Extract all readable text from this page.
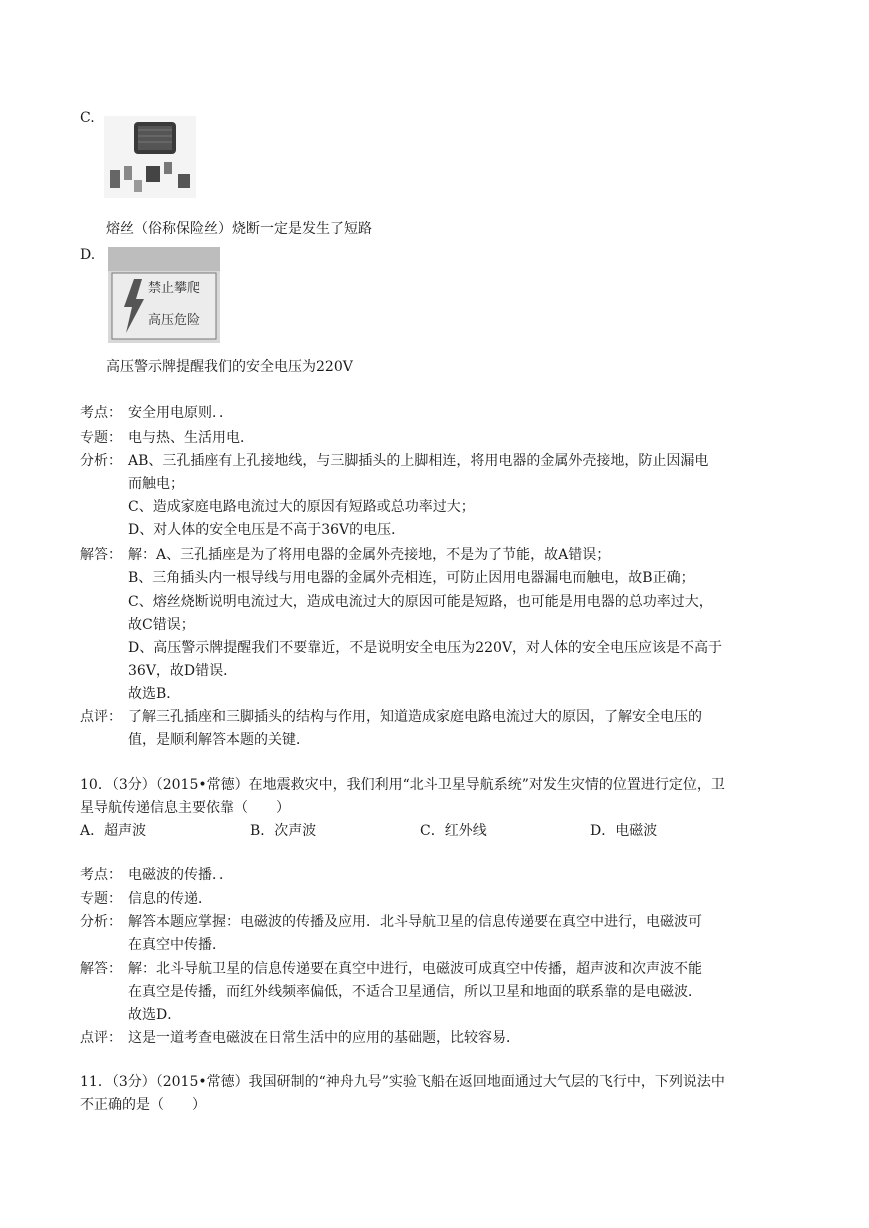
C.
熔丝（俗称保险丝）烧断一定是发生了短路
D.
禁止攀爬
高压危险
高压警示牌提醒我们的安全电压为220V
考点： 安全用电原则．．
专题： 电与热、生活用电．
分析： AB、三孔插座有上孔接地线，与三脚插头的上脚相连，将用电器的金属外壳接地，防止因漏电
而触电；
C、造成家庭电路电流过大的原因有短路或总功率过大；
D、对人体的安全电压是不高于36V的电压．
解答： 解：A、三孔插座是为了将用电器的金属外壳接地，不是为了节能，故A错误；
B、三角插头内一根导线与用电器的金属外壳相连，可防止因用电器漏电而触电，故B正确；
C、熔丝烧断说明电流过大，造成电流过大的原因可能是短路，也可能是用电器的总功率过大，
故C错误；
D、高压警示牌提醒我们不要靠近，不是说明安全电压为220V，对人体的安全电压应该是不高于
36V，故D错误．
故选B．
点评： 了解三孔插座和三脚插头的结构与作用，知道造成家庭电路电流过大的原因，了解安全电压的
值，是顺利解答本题的关键．
10．（3分）（2015•常德）在地震救灾中，我们利用“北斗卫星导航系统”对发生灾情的位置进行定位，卫
星导航传递信息主要依靠（　　）
A．超声波	B．次声波	C．红外线	D．电磁波
考点： 电磁波的传播．．
专题： 信息的传递．
分析： 解答本题应掌握：电磁波的传播及应用．北斗导航卫星的信息传递要在真空中进行，电磁波可
在真空中传播．
解答： 解：北斗导航卫星的信息传递要在真空中进行，电磁波可成真空中传播，超声波和次声波不能
在真空是传播，而红外线频率偏低，不适合卫星通信，所以卫星和地面的联系靠的是电磁波．
故选D．
点评： 这是一道考查电磁波在日常生活中的应用的基础题，比较容易．
11．（3分）（2015•常德）我国研制的“神舟九号”实验飞船在返回地面通过大气层的飞行中，下列说法中
不正确的是（　　）
